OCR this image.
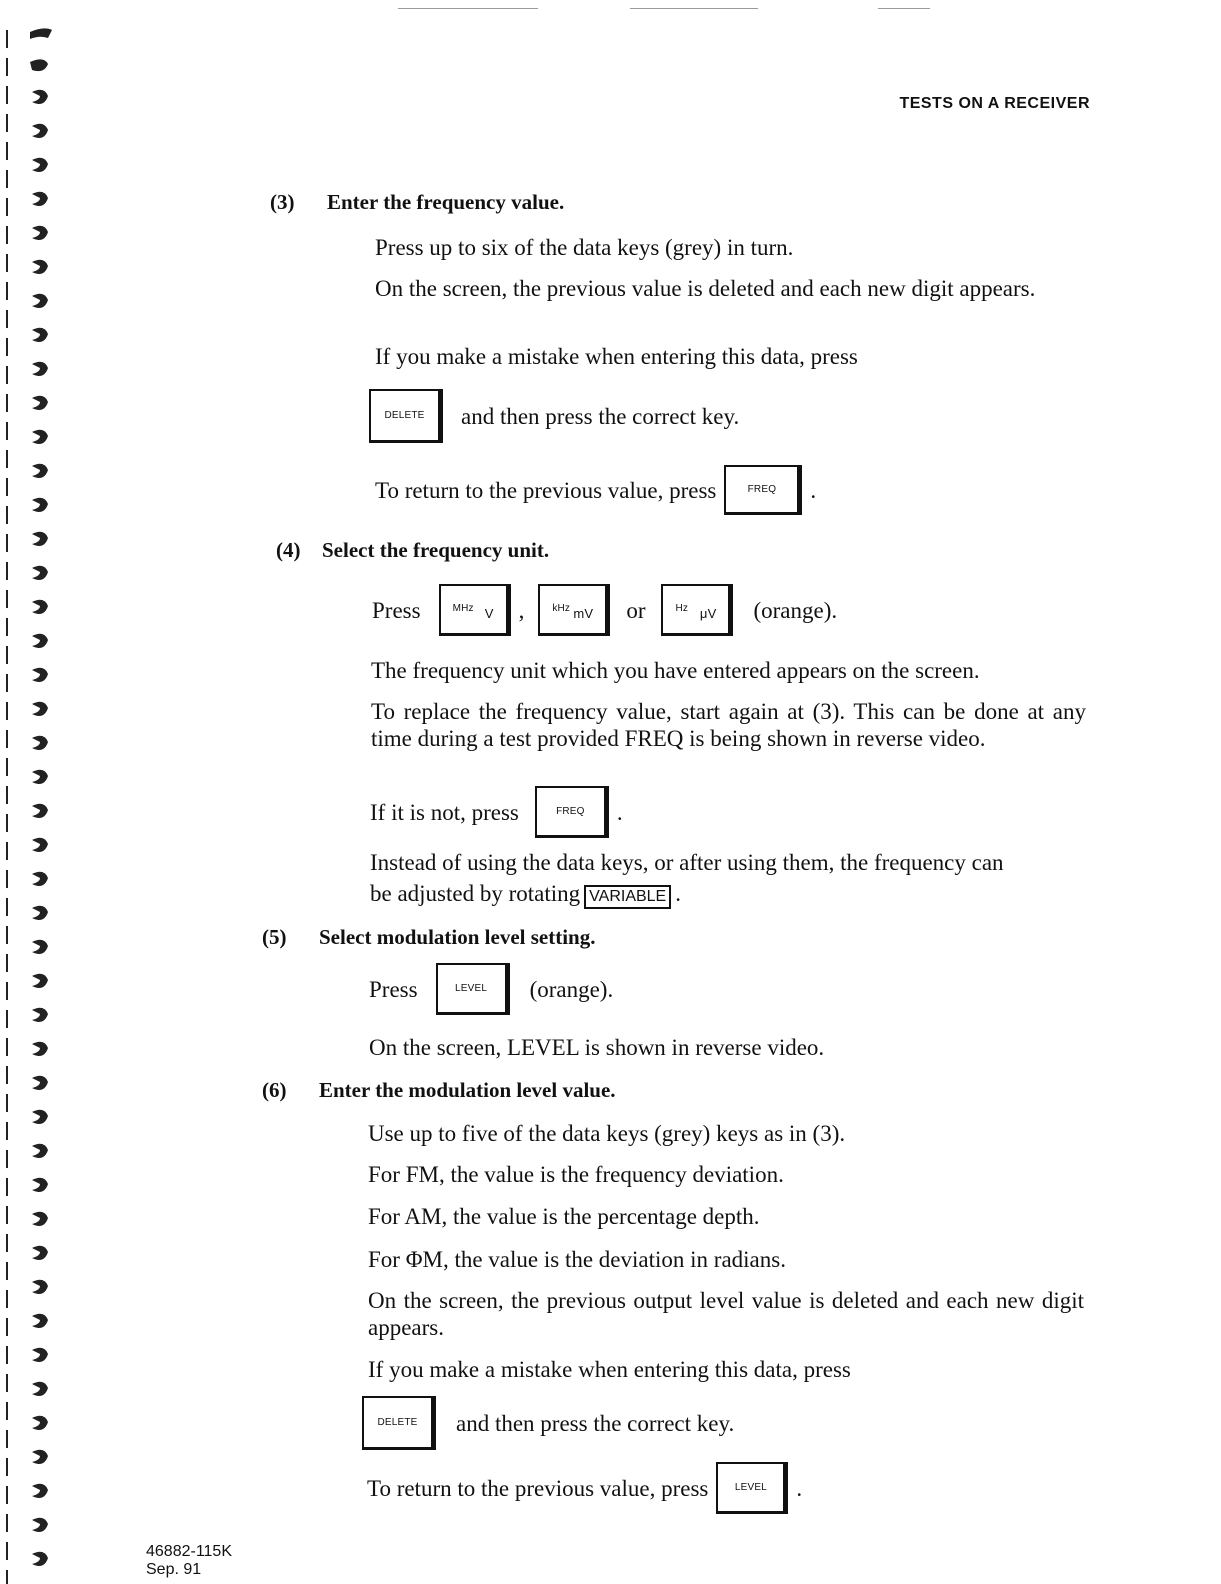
TESTS ON A RECEIVER
(3) Enter the frequency value.
Press up to six of the data keys (grey) in turn.
On the screen, the previous value is deleted and each new digit appears.
If you make a mistake when entering this data, press
DELETE	and then press the correct key.
To return to the previous value, press	FREQ	.
(4) Select the frequency unit.
Press	MHz V ,	kHz mV or	Hz μV (orange).
The frequency unit which you have entered appears on the screen.
To replace the frequency value, start again at (3). This can be done at any time during a test provided FREQ is being shown in reverse video.
If it is not, press	FREQ	.
Instead of using the data keys, or after using them, the frequency can
be adjusted by rotating VARIABLE .
(5) Select modulation level setting.
Press	LEVEL	(orange).
On the screen, LEVEL is shown in reverse video.
(6) Enter the modulation level value.
Use up to five of the data keys (grey) keys as in (3).
For FM, the value is the frequency deviation.
For AM, the value is the percentage depth.
For ΦM, the value is the deviation in radians.
On the screen, the previous output level value is deleted and each new digit appears.
If you make a mistake when entering this data, press
DELETE	and then press the correct key.
To return to the previous value, press	LEVEL	.
46882-115K
Sep. 91
